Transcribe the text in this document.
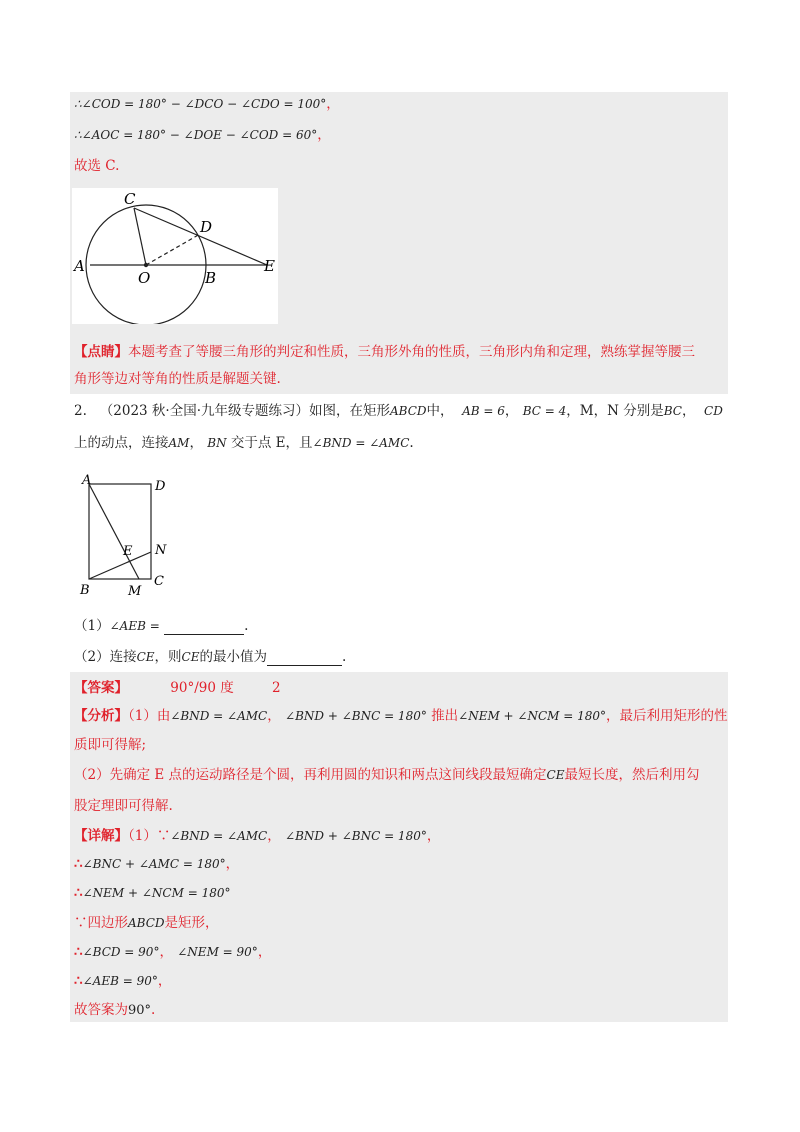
∴∠COD = 180° − ∠DCO − ∠CDO = 100°，
∴∠AOC = 180° − ∠DOE − ∠COD = 60°，
故选 C.
A
C
D
O	B
E
【点睛】本题考查了等腰三角形的判定和性质，三角形外角的性质，三角形内角和定理，熟练掌握等腰三
角形等边对等角的性质是解题关键.
2. （2023 秋·全国·九年级专题练习）如图，在矩形ABCD中， AB = 6， BC = 4，M，N 分别是BC，  CD
上的动点，连接AM， BN 交于点 E，且∠BND = ∠AMC.
A	D
E N
B	M
C
（1）∠AEB =	.
（2）连接CE，则CE的最小值为	.
【答案】	90°/90 度	2
【分析】（1）由∠BND = ∠AMC， ∠BND + ∠BNC = 180° 推出∠NEM + ∠NCM = 180°，最后利用矩形的性
质即可得解;
（2）先确定 E 点的运动路径是个圆，再利用圆的知识和两点这间线段最短确定CE最短长度，然后利用勾
股定理即可得解.
【详解】（1）∵∠BND = ∠AMC， ∠BND + ∠BNC = 180°，
∴∠BNC + ∠AMC = 180°，
∴∠NEM + ∠NCM = 180°
∵四边形ABCD是矩形，
∴∠BCD = 90°， ∠NEM = 90°，
∴∠AEB = 90°，
故答案为90°.
